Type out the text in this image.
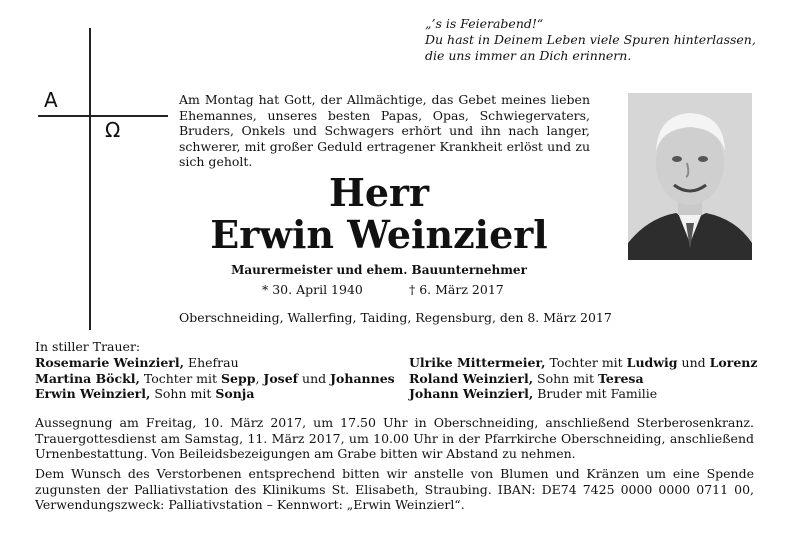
A
Ω
„’s is Feierabend!“
Du hast in Deinem Leben viele Spuren hinterlassen,
die uns immer an Dich erinnern.
Am Montag hat Gott, der Allmächtige, das Gebet meines lieben Ehemannes, unseres besten Papas, Opas, Schwiegervaters, Bruders, Onkels und Schwagers erhört und ihn nach langer, schwerer, mit großer Geduld ertragener Krankheit erlöst und zu sich geholt.
Herr
Erwin Weinzierl
Maurermeister und ehem. Bauunternehmer
* 30. April 1940	† 6. März 2017
Oberschneiding, Wallerfing, Taiding, Regensburg, den 8. März 2017
In stiller Trauer:
Rosemarie Weinzierl, Ehefrau
Martina Böckl, Tochter mit Sepp, Josef und Johannes
Erwin Weinzierl, Sohn mit Sonja
Ulrike Mittermeier, Tochter mit Ludwig und Lorenz
Roland Weinzierl, Sohn mit Teresa
Johann Weinzierl, Bruder mit Familie
Aussegnung am Freitag, 10. März 2017, um 17.50 Uhr in Oberschneiding, anschließend Sterberosenkranz. Trauergottesdienst am Samstag, 11. März 2017, um 10.00 Uhr in der Pfarrkirche Oberschneiding, anschließend Urnenbestattung. Von Beileidsbezeigungen am Grabe bitten wir Abstand zu nehmen.
Dem Wunsch des Verstorbenen entsprechend bitten wir anstelle von Blumen und Kränzen um eine Spende zugunsten der Palliativstation des Klinikums St. Elisabeth, Straubing. IBAN: DE74 7425 0000 0000 0711 00, Verwendungszweck: Palliativstation – Kennwort: „Erwin Weinzierl“.
